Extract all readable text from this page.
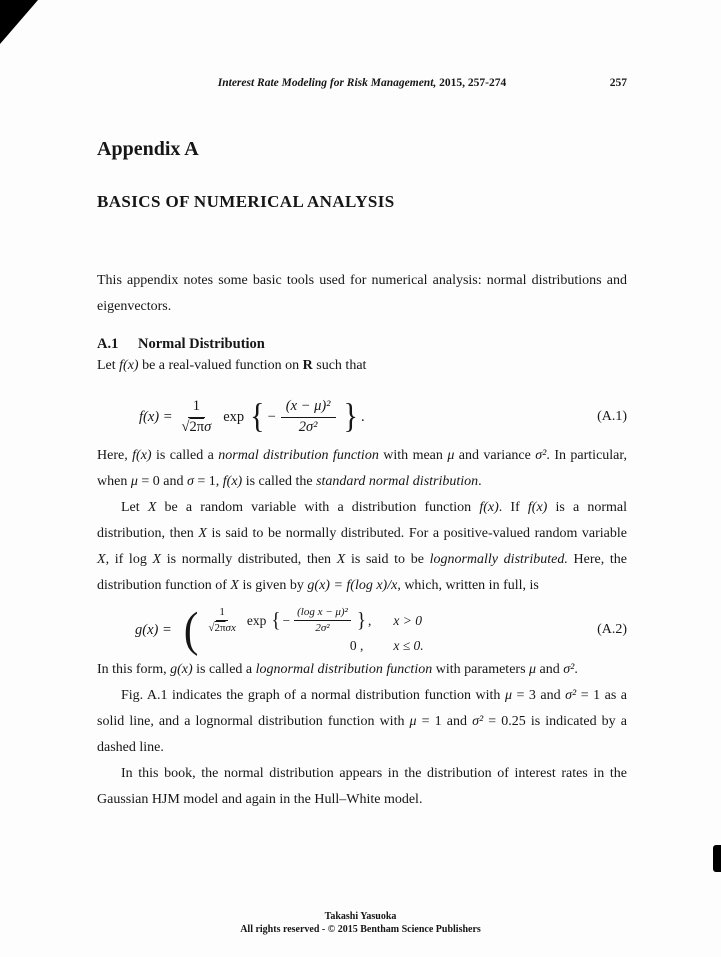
Interest Rate Modeling for Risk Management, 2015, 257-274	257
Appendix A
BASICS OF NUMERICAL ANALYSIS

This appendix notes some basic tools used for numerical analysis: normal distributions and eigenvectors.

A.1 Normal Distribution

Let f(x) be a real-valued function on R such that

$f(x) = \frac{1}{√2\pi\sigma}$ exp { − $\frac{\text{(x − μ)²}}{\text{2σ²}}$ } .	(A.1)

Here, f(x) is called a normal distribution function with mean μ and variance σ². In particular, when μ = 0 and σ = 1, f(x) is called the standard normal distribution.

Let X be a random variable with a distribution function f(x). If f(x) is a normal distribution, then X is said to be normally distributed. For a positive-valued random variable X, if log X is normally distributed, then X is said to be lognormally distributed. Here, the distribution function of X is given by g(x) = f(log x)/x, which, written in full, is

g(x) = ( $\frac{1}{\text{√2πσx}}$ exp { − $\frac{\text{(log x − μ)²}}{\text{2σ²}}$ } , x > 0
0 ,	x ≤ 0.
(A.2)

In this form, g(x) is called a lognormal distribution function with parameters μ and σ².

Fig. A.1 indicates the graph of a normal distribution function with μ = 3 and σ² = 1 as a solid line, and a lognormal distribution function with μ = 1 and σ² = 0.25 is indicated by a dashed line.

In this book, the normal distribution appears in the distribution of interest rates in the Gaussian HJM model and again in the Hull–White model.

Takashi Yasuoka
All rights reserved - © 2015 Bentham Science Publishers
